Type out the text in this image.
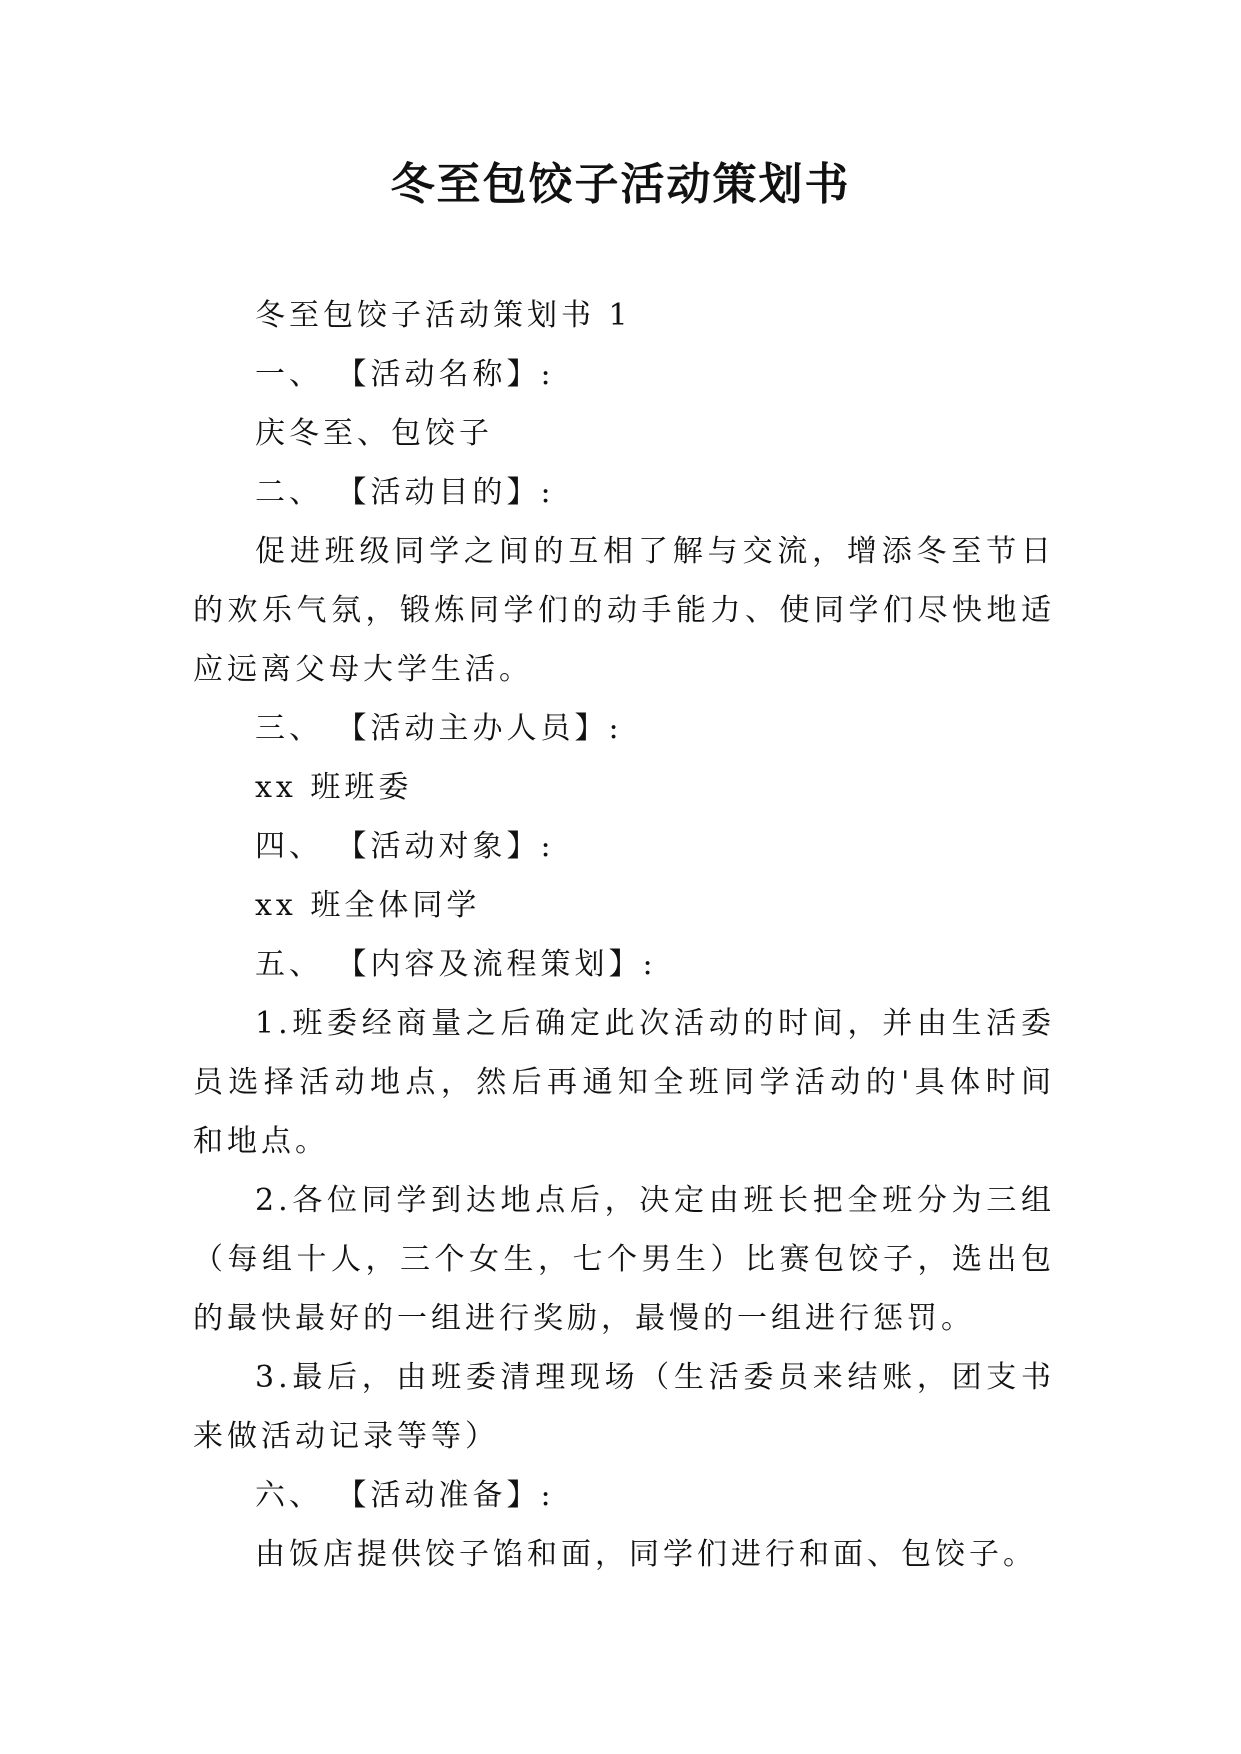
冬至包饺子活动策划书

冬至包饺子活动策划书 1

一、 【活动名称】:

庆冬至、包饺子

二、 【活动目的】:

促进班级同学之间的互相了解与交流，增添冬至节日的欢乐气氛，锻炼同学们的动手能力、使同学们尽快地适应远离父母大学生活。

三、 【活动主办人员】:

xx 班班委

四、 【活动对象】:

xx 班全体同学

五、 【内容及流程策划】:

1.班委经商量之后确定此次活动的时间，并由生活委员选择活动地点，然后再通知全班同学活动的'具体时间和地点。

2.各位同学到达地点后，决定由班长把全班分为三组（每组十人，三个女生，七个男生）比赛包饺子，选出包的最快最好的一组进行奖励，最慢的一组进行惩罚。

3.最后，由班委清理现场（生活委员来结账，团支书来做活动记录等等）

六、 【活动准备】:

由饭店提供饺子馅和面，同学们进行和面、包饺子。
